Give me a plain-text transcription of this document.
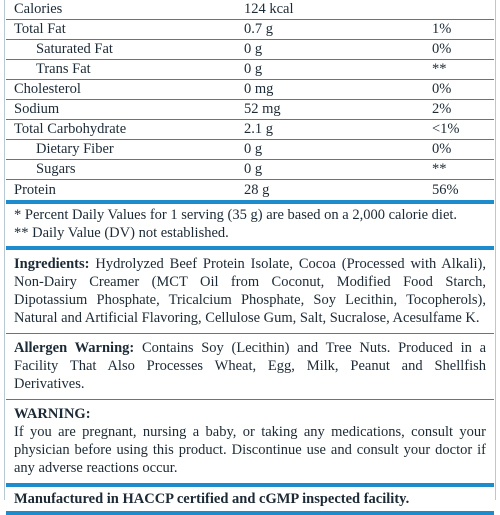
Calories	124 kcal
Total Fat	0.7 g	1%
Saturated Fat	0 g	0%
Trans Fat	0 g	**
Cholesterol	0 mg	0%
Sodium	52 mg	2%
Total Carbohydrate	2.1 g	<1%
Dietary Fiber	0 g	0%
Sugars	0 g	**
Protein	28 g	56%
* Percent Daily Values for 1 serving (35 g) are based on a 2,000 calorie diet.
** Daily Value (DV) not established.
Ingredients: Hydrolyzed Beef Protein Isolate, Cocoa (Processed with Alkali), Non-Dairy Creamer (MCT Oil from Coconut, Modified Food Starch, Dipotassium Phosphate, Tricalcium Phosphate, Soy Lecithin, Tocopherols), Natural and Artificial Flavoring, Cellulose Gum, Salt, Sucralose, Acesulfame K.
Allergen Warning: Contains Soy (Lecithin) and Tree Nuts. Produced in a Facility That Also Processes Wheat, Egg, Milk, Peanut and Shellfish Derivatives.
WARNING:
If you are pregnant, nursing a baby, or taking any medications, consult your physician before using this product. Discontinue use and consult your doctor if any adverse reactions occur.
Manufactured in HACCP certified and cGMP inspected facility.
